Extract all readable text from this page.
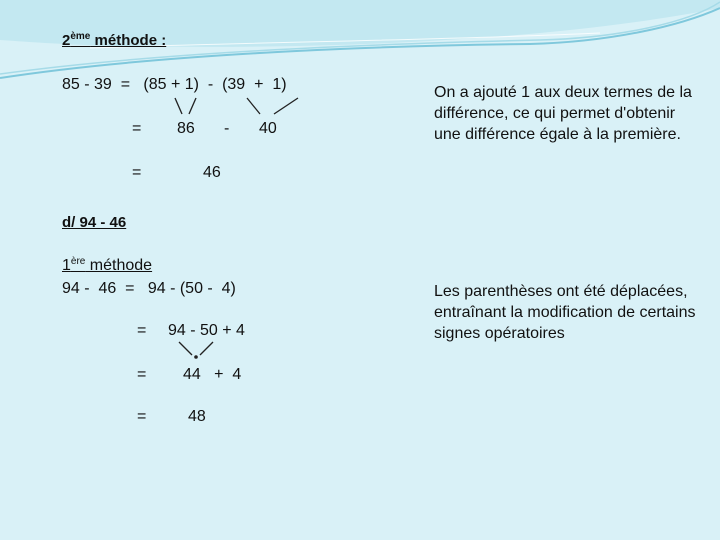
2ème méthode :
85 - 39  =   (85 + 1)  -  (39  +  1)
= 86 - 40
=	46
On a ajouté 1 aux deux termes de la différence, ce qui permet d'obtenir une différence égale à la première.
d/ 94 - 46
1ère méthode
94 -  46  =   94 - (50 -  4)
= 94 - 50 + 4
= 44   +  4
=	48
Les parenthèses ont été déplacées, entraînant la modification de certains signes opératoires
